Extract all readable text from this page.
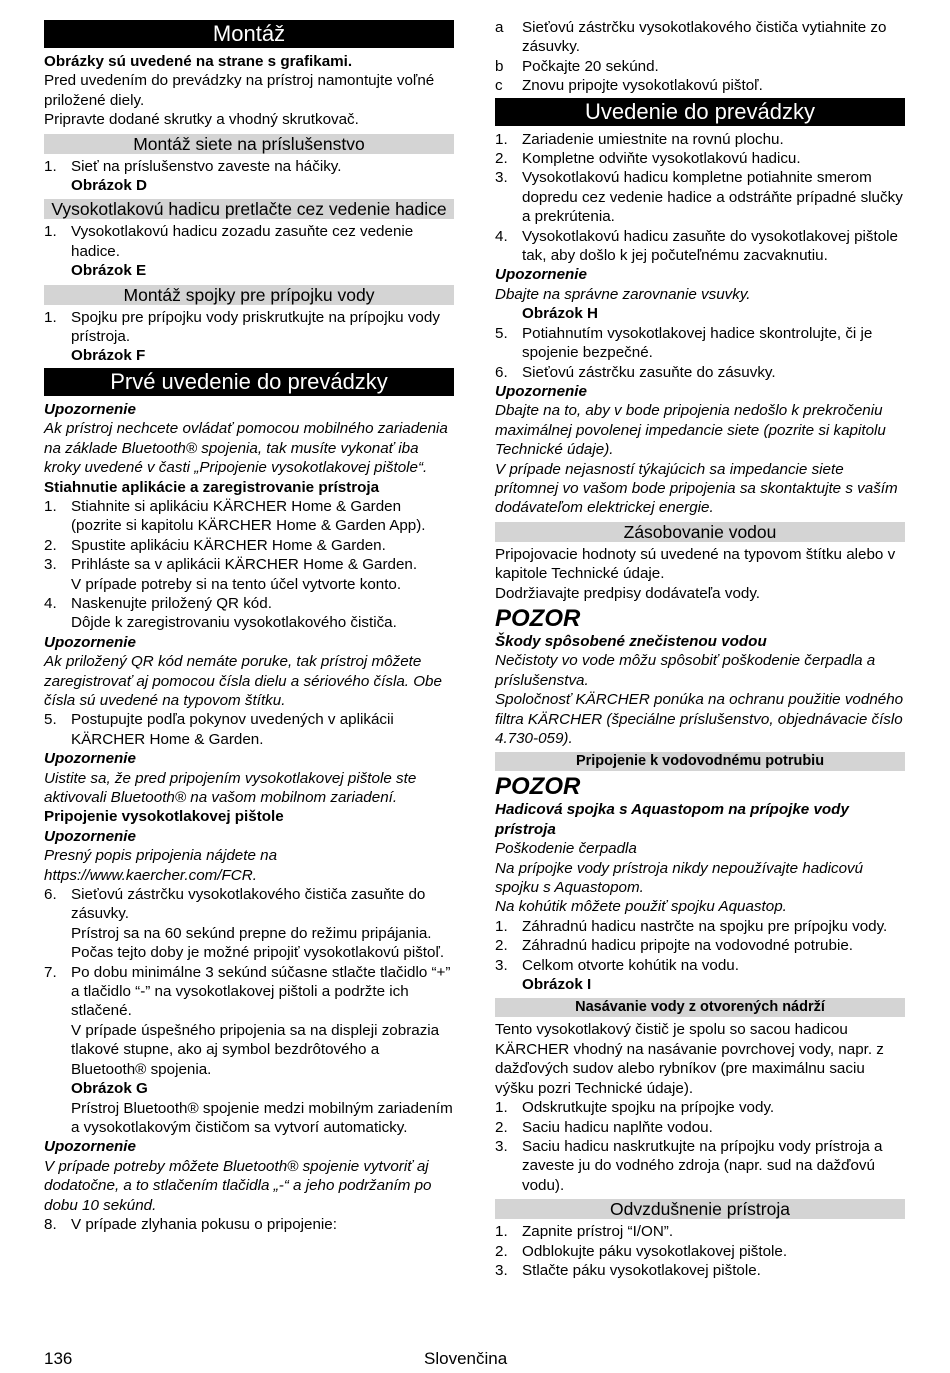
Montáž
Obrázky sú uvedené na strane s grafikami.
Pred uvedením do prevádzky na prístroj namontujte voľné priložené diely.
Pripravte dodané skrutky a vhodný skrutkovač.
Montáž siete na príslušenstvo
1. Sieť na príslušenstvo zaveste na háčiky.
Obrázok D
Vysokotlakovú hadicu pretlačte cez vedenie hadice
1. Vysokotlakovú hadicu zozadu zasuňte cez vedenie hadice.
Obrázok E
Montáž spojky pre prípojku vody
1. Spojku pre prípojku vody priskrutkujte na prípojku vody prístroja.
Obrázok F
Prvé uvedenie do prevádzky
Upozornenie
Ak prístroj nechcete ovládať pomocou mobilného zariadenia na základe Bluetooth® spojenia, tak musíte vykonať iba kroky uvedené v časti „Pripojenie vysokotlakovej pištole“.
Stiahnutie aplikácie a zaregistrovanie prístroja
1. Stiahnite si aplikáciu KÄRCHER Home & Garden (pozrite si kapitolu KÄRCHER Home & Garden App).
2. Spustite aplikáciu KÄRCHER Home & Garden.
3. Prihláste sa v aplikácii KÄRCHER Home & Garden.
V prípade potreby si na tento účel vytvorte konto.
4. Naskenujte priložený QR kód.
Dôjde k zaregistrovaniu vysokotlakového čističa.
Upozornenie
Ak priložený QR kód nemáte poruke, tak prístroj môžete zaregistrovať aj pomocou čísla dielu a sériového čísla. Obe čísla sú uvedené na typovom štítku.
5. Postupujte podľa pokynov uvedených v aplikácii KÄRCHER Home & Garden.
Upozornenie
Uistite sa, že pred pripojením vysokotlakovej pištole ste aktivovali Bluetooth® na vašom mobilnom zariadení.
Pripojenie vysokotlakovej pištole
Upozornenie
Presný popis pripojenia nájdete na https://www.kaercher.com/FCR.
6. Sieťovú zástrčku vysokotlakového čističa zasuňte do zásuvky.
Prístroj sa na 60 sekúnd prepne do režimu pripájania. Počas tejto doby je možné pripojiť vysokotlakovú pištoľ.
7. Po dobu minimálne 3 sekúnd súčasne stlačte tlačidlo “+” a tlačidlo “-” na vysokotlakovej pištoli a podržte ich stlačené.
V prípade úspešného pripojenia sa na displeji zobrazia tlakové stupne, ako aj symbol bezdrôtového a Bluetooth® spojenia.
Obrázok G
Prístroj Bluetooth® spojenie medzi mobilným zariadením a vysokotlakovým čističom sa vytvorí automaticky.
Upozornenie
V prípade potreby môžete Bluetooth® spojenie vytvoriť aj dodatočne, a to stlačením tlačidla „-“ a jeho podržaním po dobu 10 sekúnd.
8. V prípade zlyhania pokusu o pripojenie:
a Sieťovú zástrčku vysokotlakového čističa vytiahnite zo zásuvky.
b Počkajte 20 sekúnd.
c Znovu pripojte vysokotlakovú pištoľ.
Uvedenie do prevádzky
1. Zariadenie umiestnite na rovnú plochu.
2. Kompletne odviňte vysokotlakovú hadicu.
3. Vysokotlakovú hadicu kompletne potiahnite smerom dopredu cez vedenie hadice a odstráňte prípadné slučky a prekrútenia.
4. Vysokotlakovú hadicu zasuňte do vysokotlakovej pištole tak, aby došlo k jej počuteľnému zacvaknutiu.
Upozornenie
Dbajte na správne zarovnanie vsuvky.
Obrázok H
5. Potiahnutím vysokotlakovej hadice skontrolujte, či je spojenie bezpečné.
6. Sieťovú zástrčku zasuňte do zásuvky.
Upozornenie
Dbajte na to, aby v bode pripojenia nedošlo k prekročeniu maximálnej povolenej impedancie siete (pozrite si kapitolu Technické údaje).
V prípade nejasností týkajúcich sa impedancie siete prítomnej vo vašom bode pripojenia sa skontaktujte s vaším dodávateľom elektrickej energie.
Zásobovanie vodou
Pripojovacie hodnoty sú uvedené na typovom štítku alebo v kapitole Technické údaje.
Dodržiavajte predpisy dodávateľa vody.
POZOR
Škody spôsobené znečistenou vodou
Nečistoty vo vode môžu spôsobiť poškodenie čerpadla a príslušenstva.
Spoločnosť KÄRCHER ponúka na ochranu použitie vodného filtra KÄRCHER (špeciálne príslušenstvo, objednávacie číslo 4.730-059).
Pripojenie k vodovodnému potrubiu
POZOR
Hadicová spojka s Aquastopom na prípojke vody prístroja
Poškodenie čerpadla
Na prípojke vody prístroja nikdy nepoužívajte hadicovú spojku s Aquastopom.
Na kohútik môžete použiť spojku Aquastop.
1. Záhradnú hadicu nastrčte na spojku pre prípojku vody.
2. Záhradnú hadicu pripojte na vodovodné potrubie.
3. Celkom otvorte kohútik na vodu.
Obrázok I
Nasávanie vody z otvorených nádrží
Tento vysokotlakový čistič je spolu so sacou hadicou KÄRCHER vhodný na nasávanie povrchovej vody, napr. z dažďových sudov alebo rybníkov (pre maximálnu saciu výšku pozri Technické údaje).
1. Odskrutkujte spojku na prípojke vody.
2. Saciu hadicu naplňte vodou.
3. Saciu hadicu naskrutkujte na prípojku vody prístroja a zaveste ju do vodného zdroja (napr. sud na dažďovú vodu).
Odvzdušnenie prístroja
1. Zapnite prístroj “I/ON”.
2. Odblokujte páku vysokotlakovej pištole.
3. Stlačte páku vysokotlakovej pištole.
136	Slovenčina
